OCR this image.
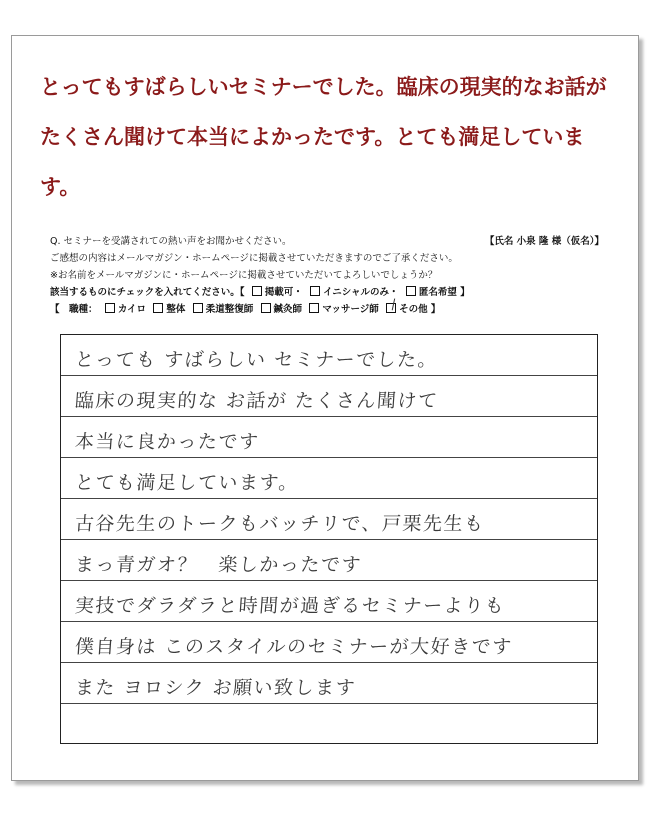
とってもすばらしいセミナーでした。臨床の現実的なお話がたくさん聞けて本当によかったです。とても満足しています。

Q. セミナーを受講されての熱い声をお聞かせください。	【氏名 小泉 隆 様（仮名）】
ご感想の内容はメールマガジン・ホームページに掲載させていただきますのでご了承ください。
※お名前をメールマガジンに・ホームページに掲載させていただいてよろしいでしょうか？
該当するものにチェックを入れてください。【 掲載可・ イニシャルのみ・ 匿名希望 】
【　職種： カイロ 整体 柔道整復師 鍼灸師 マッサージ師 その他 】
とっても すばらしい セミナーでした。
臨床の現実的な お話が たくさん聞けて
本当に良かったです
とても満足しています。
古谷先生のトークもバッチリで、戸栗先生も
まっ青ガオ？　楽しかったです
実技でダラダラと時間が過ぎるセミナーよりも
僕自身は このスタイルのセミナーが大好きです
また ヨロシク お願い致します
